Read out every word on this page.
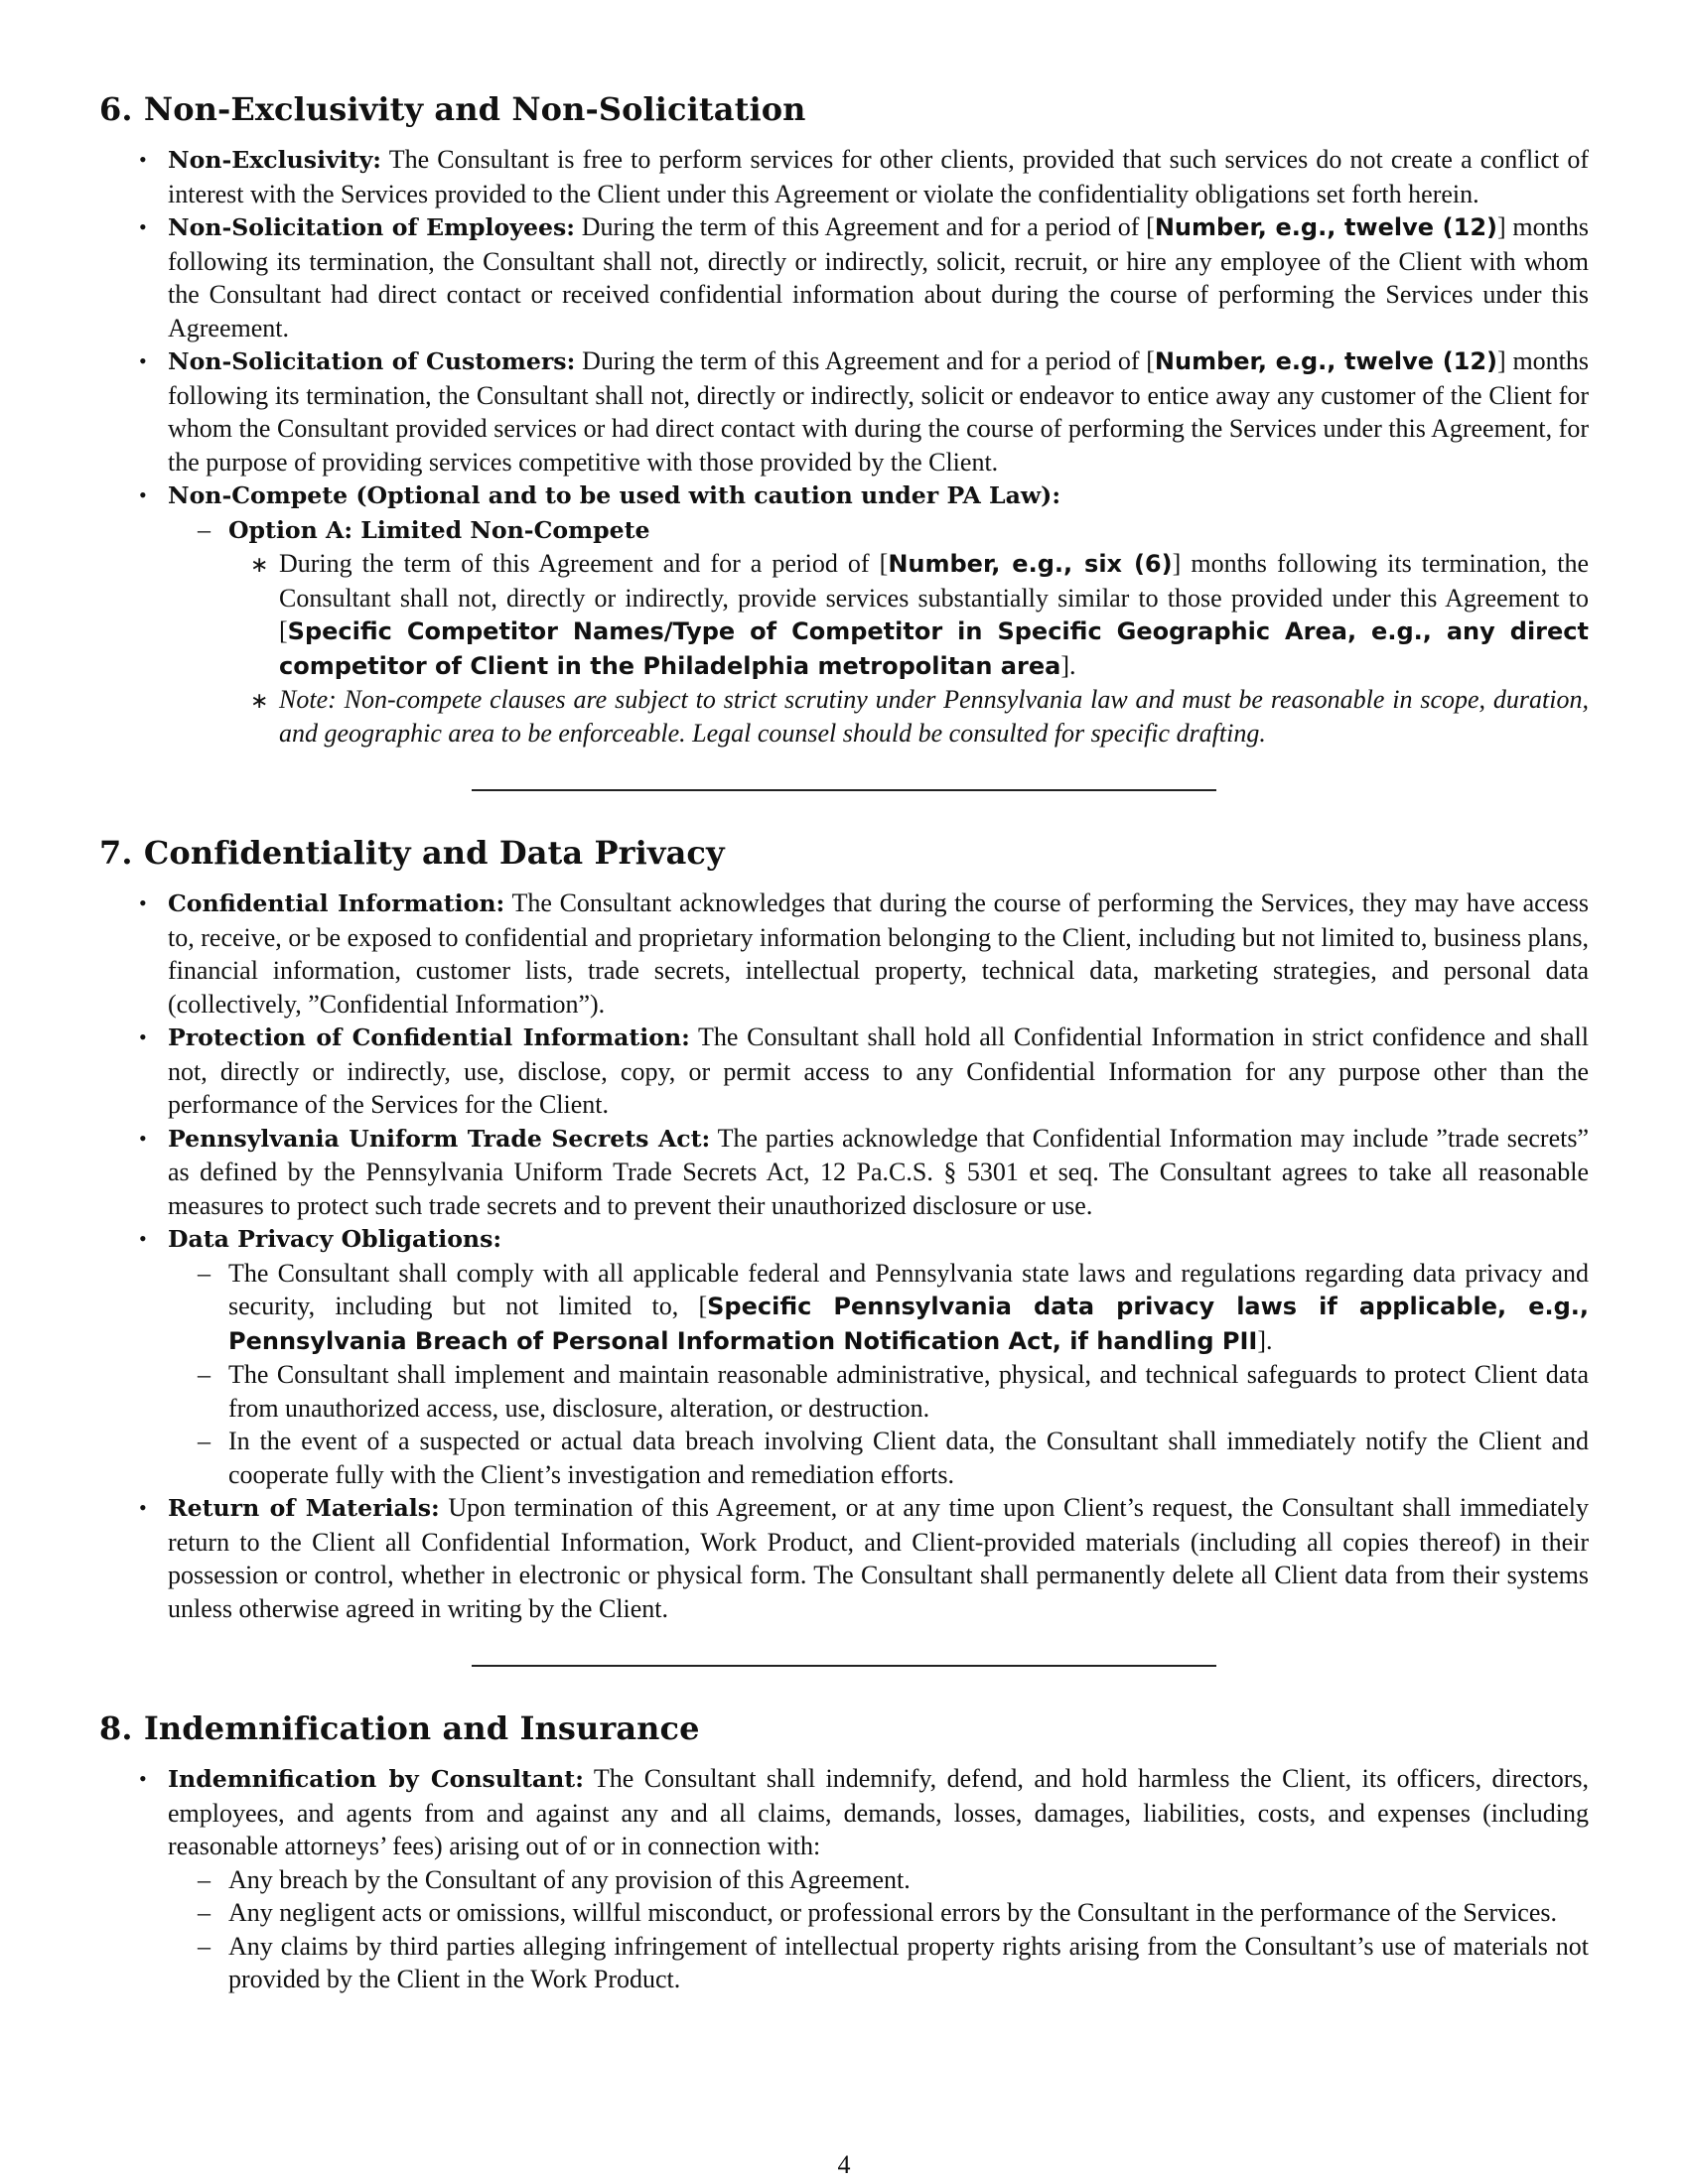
6. Non-Exclusivity and Non-Solicitation
• Non-Exclusivity: The Consultant is free to perform services for other clients, provided that such services do not create a conflict of interest with the Services provided to the Client under this Agreement or violate the confidentiality obligations set forth herein.
• Non-Solicitation of Employees: During the term of this Agreement and for a period of [Number, e.g., twelve (12)] months following its termination, the Consultant shall not, directly or indirectly, solicit, recruit, or hire any employee of the Client with whom the Consultant had direct contact or received confidential information about during the course of performing the Services under this Agreement.
• Non-Solicitation of Customers: During the term of this Agreement and for a period of [Number, e.g., twelve (12)] months following its termination, the Consultant shall not, directly or indirectly, solicit or endeavor to entice away any customer of the Client for whom the Consultant provided services or had direct contact with during the course of performing the Services under this Agreement, for the purpose of providing services competitive with those provided by the Client.
• Non-Compete (Optional and to be used with caution under PA Law):
– Option A: Limited Non-Compete
∗ During the term of this Agreement and for a period of [Number, e.g., six (6)] months following its termination, the Consultant shall not, directly or indirectly, provide services substantially similar to those provided under this Agreement to [Specific Competitor Names/Type of Competitor in Specific Geographic Area, e.g., any direct competitor of Client in the Philadelphia metropolitan area].
∗ Note: Non-compete clauses are subject to strict scrutiny under Pennsylvania law and must be reasonable in scope, duration, and geographic area to be enforceable. Legal counsel should be consulted for specific drafting.
7. Confidentiality and Data Privacy
• Confidential Information: The Consultant acknowledges that during the course of performing the Services, they may have access to, receive, or be exposed to confidential and proprietary information belonging to the Client, including but not limited to, business plans, financial information, customer lists, trade secrets, intellectual property, technical data, marketing strategies, and personal data (collectively, ”Confidential Information”).
• Protection of Confidential Information: The Consultant shall hold all Confidential Information in strict confidence and shall not, directly or indirectly, use, disclose, copy, or permit access to any Confidential Information for any purpose other than the performance of the Services for the Client.
• Pennsylvania Uniform Trade Secrets Act: The parties acknowledge that Confidential Information may include ”trade secrets” as defined by the Pennsylvania Uniform Trade Secrets Act, 12 Pa.C.S. § 5301 et seq. The Consultant agrees to take all reasonable measures to protect such trade secrets and to prevent their unauthorized disclosure or use.
• Data Privacy Obligations:
– The Consultant shall comply with all applicable federal and Pennsylvania state laws and regulations regarding data privacy and security, including but not limited to, [Specific Pennsylvania data privacy laws if applicable, e.g., Pennsylvania Breach of Personal Information Notification Act, if handling PII].
– The Consultant shall implement and maintain reasonable administrative, physical, and technical safeguards to protect Client data from unauthorized access, use, disclosure, alteration, or destruction.
– In the event of a suspected or actual data breach involving Client data, the Consultant shall immediately notify the Client and cooperate fully with the Client’s investigation and remediation efforts.
• Return of Materials: Upon termination of this Agreement, or at any time upon Client’s request, the Consultant shall immediately return to the Client all Confidential Information, Work Product, and Client-provided materials (including all copies thereof) in their possession or control, whether in electronic or physical form. The Consultant shall permanently delete all Client data from their systems unless otherwise agreed in writing by the Client.
8. Indemnification and Insurance
• Indemnification by Consultant: The Consultant shall indemnify, defend, and hold harmless the Client, its officers, directors, employees, and agents from and against any and all claims, demands, losses, damages, liabilities, costs, and expenses (including reasonable attorneys’ fees) arising out of or in connection with:
– Any breach by the Consultant of any provision of this Agreement.
– Any negligent acts or omissions, willful misconduct, or professional errors by the Consultant in the performance of the Services.
– Any claims by third parties alleging infringement of intellectual property rights arising from the Consultant’s use of materials not provided by the Client in the Work Product.
4
